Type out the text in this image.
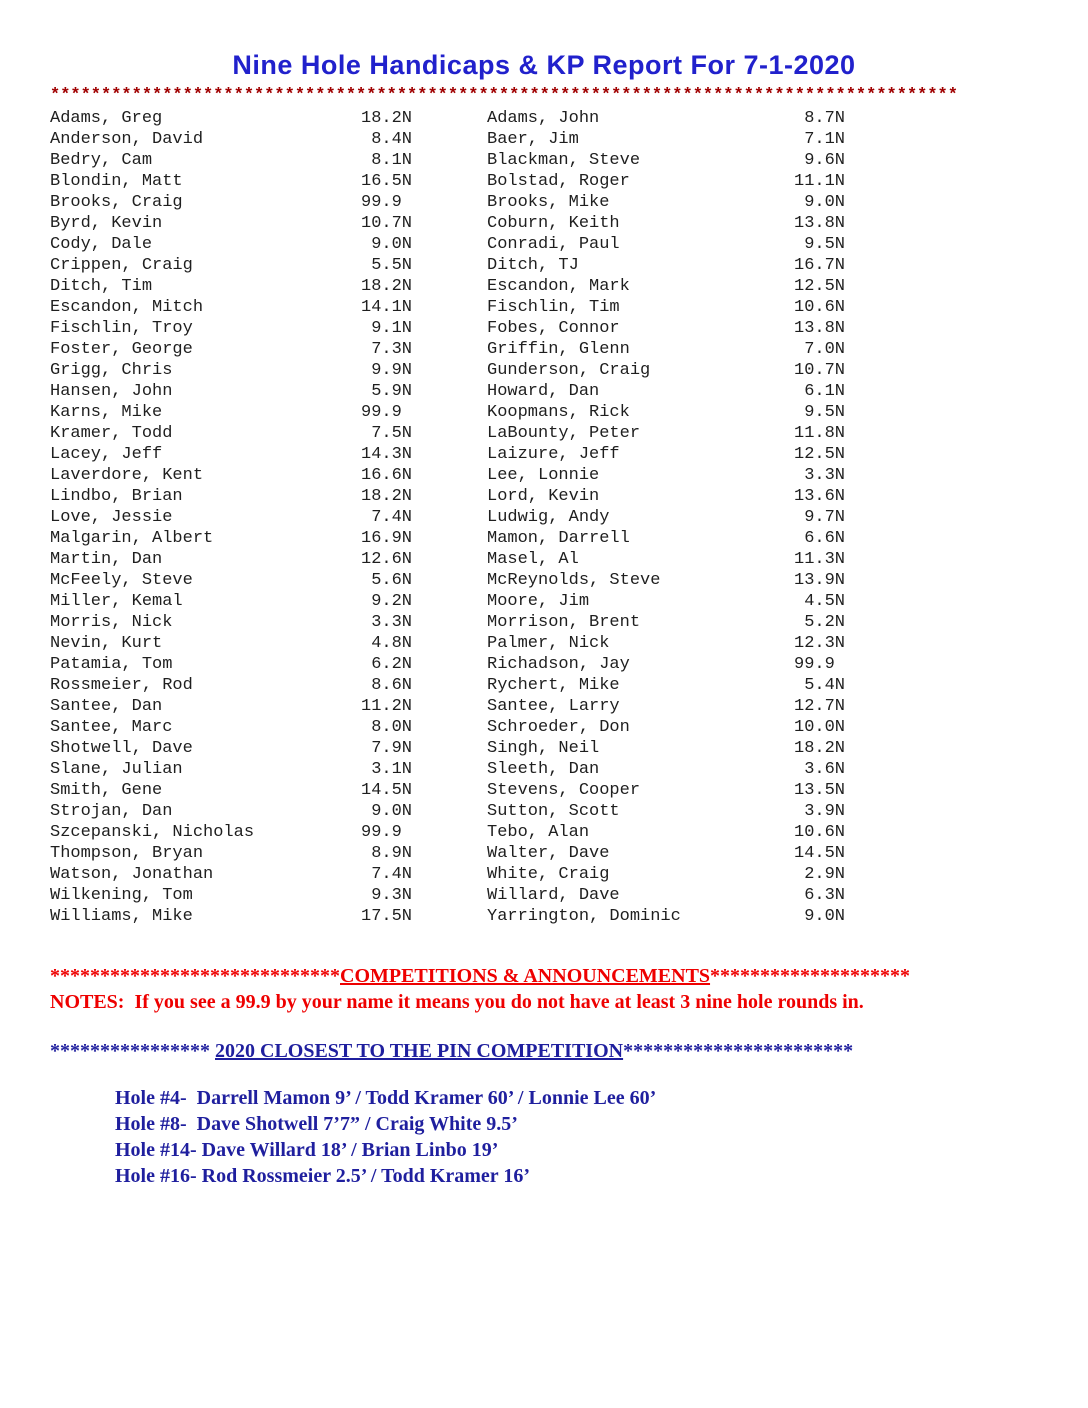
Nine Hole Handicaps & KP Report For 7-1-2020
*****************************************************************************************
Adams, Greg	18.2N
Anderson, David	8.4N
Bedry, Cam	8.1N
Blondin, Matt	16.5N
Brooks, Craig	99.9
Byrd, Kevin	10.7N
Cody, Dale	9.0N
Crippen, Craig	5.5N
Ditch, Tim	18.2N
Escandon, Mitch	14.1N
Fischlin, Troy	9.1N
Foster, George	7.3N
Grigg, Chris	9.9N
Hansen, John	5.9N
Karns, Mike	99.9
Kramer, Todd	7.5N
Lacey, Jeff	14.3N
Laverdore, Kent	16.6N
Lindbo, Brian	18.2N
Love, Jessie	7.4N
Malgarin, Albert	16.9N
Martin, Dan	12.6N
McFeely, Steve	5.6N
Miller, Kemal	9.2N
Morris, Nick	3.3N
Nevin, Kurt	4.8N
Patamia, Tom	6.2N
Rossmeier, Rod	8.6N
Santee, Dan	11.2N
Santee, Marc	8.0N
Shotwell, Dave	7.9N
Slane, Julian	3.1N
Smith, Gene	14.5N
Strojan, Dan	9.0N
Szcepanski, Nicholas	99.9
Thompson, Bryan	8.9N
Watson, Jonathan	7.4N
Wilkening, Tom	9.3N
Williams, Mike	17.5N
Adams, John	8.7N
Baer, Jim	7.1N
Blackman, Steve	9.6N
Bolstad, Roger	11.1N
Brooks, Mike	9.0N
Coburn, Keith	13.8N
Conradi, Paul	9.5N
Ditch, TJ	16.7N
Escandon, Mark	12.5N
Fischlin, Tim	10.6N
Fobes, Connor	13.8N
Griffin, Glenn	7.0N
Gunderson, Craig	10.7N
Howard, Dan	6.1N
Koopmans, Rick	9.5N
LaBounty, Peter	11.8N
Laizure, Jeff	12.5N
Lee, Lonnie	3.3N
Lord, Kevin	13.6N
Ludwig, Andy	9.7N
Mamon, Darrell	6.6N
Masel, Al	11.3N
McReynolds, Steve	13.9N
Moore, Jim	4.5N
Morrison, Brent	5.2N
Palmer, Nick	12.3N
Richadson, Jay	99.9
Rychert, Mike	5.4N
Santee, Larry	12.7N
Schroeder, Don	10.0N
Singh, Neil	18.2N
Sleeth, Dan	3.6N
Stevens, Cooper	13.5N
Sutton, Scott	3.9N
Tebo, Alan	10.6N
Walter, Dave	14.5N
White, Craig	2.9N
Willard, Dave	6.3N
Yarrington, Dominic	9.0N
*****************************COMPETITIONS & ANNOUNCEMENTS********************
NOTES:  If you see a 99.9 by your name it means you do not have at least 3 nine hole rounds in.
**************** 2020 CLOSEST TO THE PIN COMPETITION***********************
Hole #4-  Darrell Mamon 9’ / Todd Kramer 60’ / Lonnie Lee 60’
Hole #8-  Dave Shotwell 7’7” / Craig White 9.5’
Hole #14- Dave Willard 18’ / Brian Linbo 19’
Hole #16- Rod Rossmeier 2.5’ / Todd Kramer 16’
